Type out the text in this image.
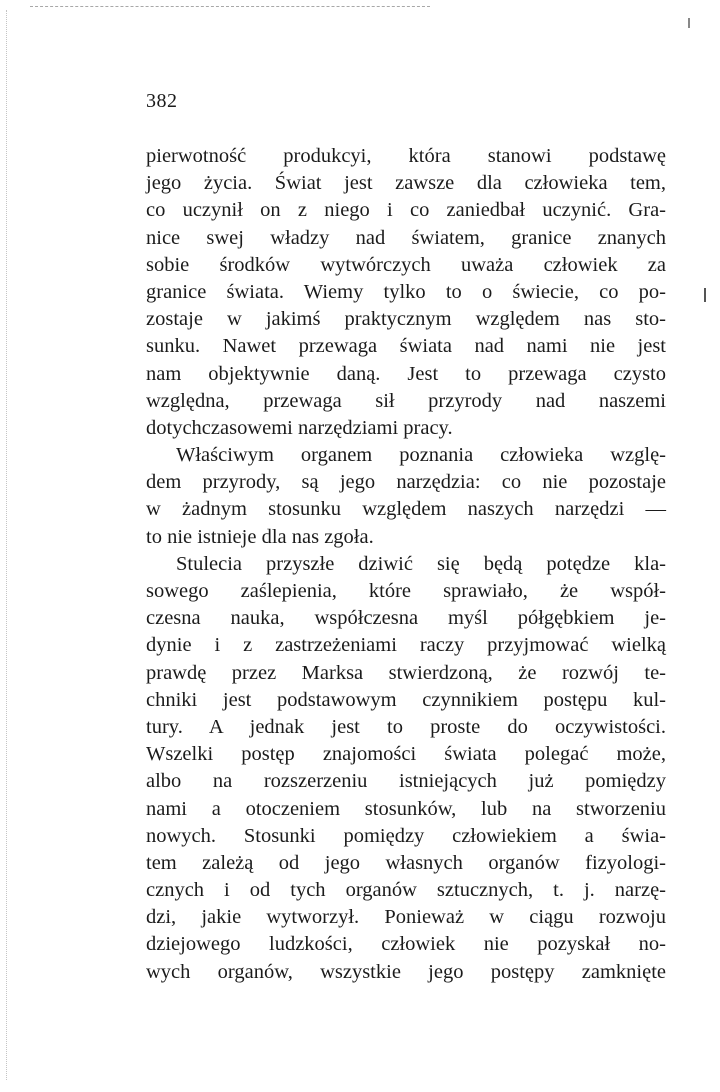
382
pierwotność produkcyi, która stanowi podstawę
jego życia. Świat jest zawsze dla człowieka tem,
co uczynił on z niego i co zaniedbał uczynić. Gra-
nice swej władzy nad światem, granice znanych
sobie środków wytwórczych uważa człowiek za
granice świata. Wiemy tylko to o świecie, co po-
zostaje w jakimś praktycznym względem nas sto-
sunku. Nawet przewaga świata nad nami nie jest
nam objektywnie daną. Jest to przewaga czysto
względna, przewaga sił przyrody nad naszemi
dotychczasowemi narzędziami pracy.
Właściwym organem poznania człowieka wzglę-
dem przyrody, są jego narzędzia: co nie pozostaje
w żadnym stosunku względem naszych narzędzi —
to nie istnieje dla nas zgoła.
Stulecia przyszłe dziwić się będą potędze kla-
sowego zaślepienia, które sprawiało, że współ-
czesna nauka, współczesna myśl półgębkiem je-
dynie i z zastrzeżeniami raczy przyjmować wielką
prawdę przez Marksa stwierdzoną, że rozwój te-
chniki jest podstawowym czynnikiem postępu kul-
tury. A jednak jest to proste do oczywistości.
Wszelki postęp znajomości świata polegać może,
albo na rozszerzeniu istniejących już pomiędzy
nami a otoczeniem stosunków, lub na stworzeniu
nowych. Stosunki pomiędzy człowiekiem a świa-
tem zależą od jego własnych organów fizyologi-
cznych i od tych organów sztucznych, t. j. narzę-
dzi, jakie wytworzył. Ponieważ w ciągu rozwoju
dziejowego ludzkości, człowiek nie pozyskał no-
wych organów, wszystkie jego postępy zamknięte
